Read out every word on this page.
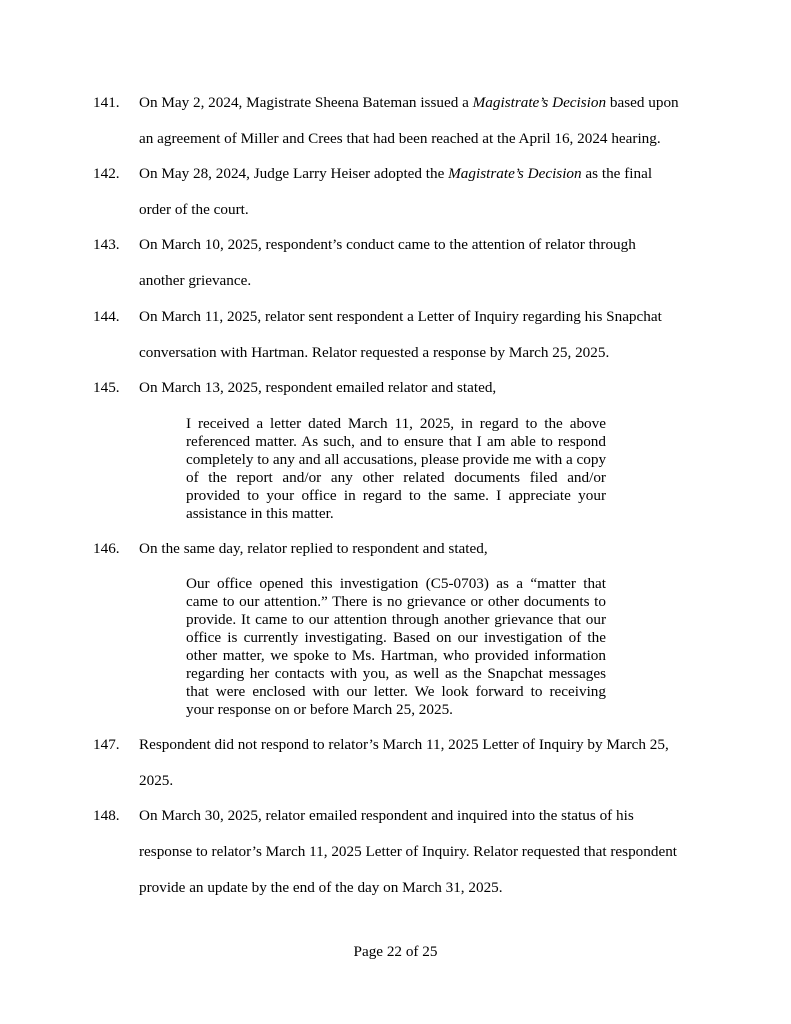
141.	On May 2, 2024, Magistrate Sheena Bateman issued a Magistrate’s Decision based upon
an agreement of Miller and Crees that had been reached at the April 16, 2024 hearing.
142.	On May 28, 2024, Judge Larry Heiser adopted the Magistrate’s Decision as the final
order of the court.
143.	On March 10, 2025, respondent’s conduct came to the attention of relator through
another grievance.
144.	On March 11, 2025, relator sent respondent a Letter of Inquiry regarding his Snapchat
conversation with Hartman. Relator requested a response by March 25, 2025.
145.	On March 13, 2025, respondent emailed relator and stated,
I received a letter dated March 11, 2025, in regard to the above
referenced matter. As such, and to ensure that I am able to respond
completely to any and all accusations, please provide me with a copy
of the report and/or any other related documents filed and/or
provided to your office in regard to the same. I appreciate your
assistance in this matter.
146.	On the same day, relator replied to respondent and stated,
Our office opened this investigation (C5-0703) as a “matter that
came to our attention.” There is no grievance or other documents to
provide. It came to our attention through another grievance that our
office is currently investigating. Based on our investigation of the
other matter, we spoke to Ms. Hartman, who provided information
regarding her contacts with you, as well as the Snapchat messages
that were enclosed with our letter. We look forward to receiving
your response on or before March 25, 2025.
147.	Respondent did not respond to relator’s March 11, 2025 Letter of Inquiry by March 25,
2025.
148.	On March 30, 2025, relator emailed respondent and inquired into the status of his
response to relator’s March 11, 2025 Letter of Inquiry. Relator requested that respondent
provide an update by the end of the day on March 31, 2025.
Page 22 of 25
